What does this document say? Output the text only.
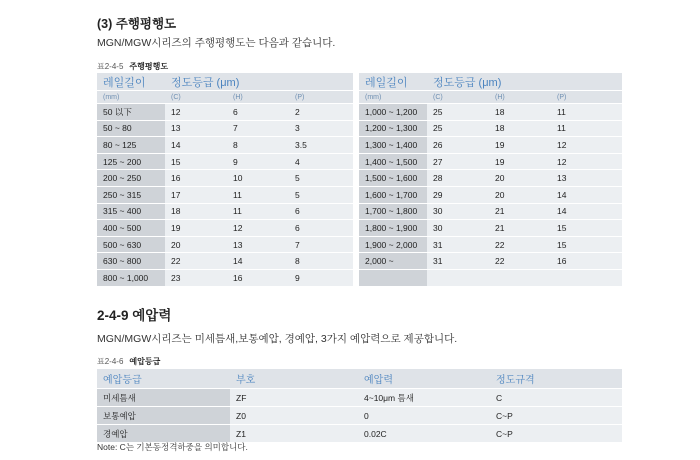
(3) 주행평행도
MGN/MGW시리즈의 주행평행도는 다음과 같습니다.
표2-4-5 주행평행도
레일길이	정도등급 (μm)				레일길이	정도등급 (μm)		
(mm)	(C)	(H)	(P)		(mm)	(C)	(H)	(P)
50 以下	12	6	2		1,000 ~ 1,200	25	18	11
50 ~ 80	13	7	3		1,200 ~ 1,300	25	18	11
80 ~ 125	14	8	3.5		1,300 ~ 1,400	26	19	12
125 ~ 200	15	9	4		1,400 ~ 1,500	27	19	12
200 ~ 250	16	10	5		1,500 ~ 1,600	28	20	13
250 ~ 315	17	11	5		1,600 ~ 1,700	29	20	14
315 ~ 400	18	11	6		1,700 ~ 1,800	30	21	14
400 ~ 500	19	12	6		1,800 ~ 1,900	30	21	15
500 ~ 630	20	13	7		1,900 ~ 2,000	31	22	15
630 ~ 800	22	14	8		2,000 ~	31	22	16
800 ~ 1,000	23	16	9					
2-4-9 예압력
MGN/MGW시리즈는 미세틈새,보통예압, 경예압, 3가지 예압력으로 제공합니다.
표2-4-6 예압등급
예압등급	부호	예압력	정도규격
미세틈새	ZF	4~10μm 틈새	C
보통예압	Z0	0	C~P
경예압	Z1	0.02C	C~P
Note: C는 기본동정격하중을 의미합니다.
